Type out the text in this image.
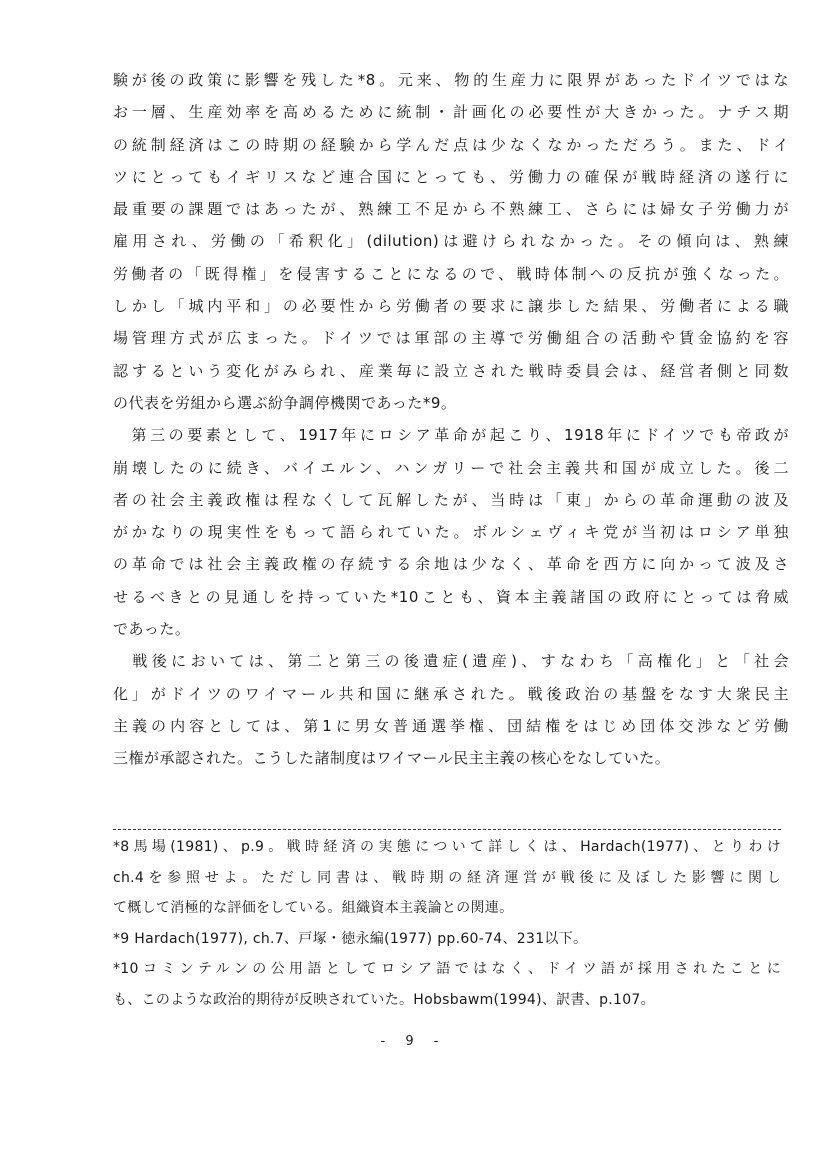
験が後の政策に影響を残した*8。元来、物的生産力に限界があったドイツではな
お一層、生産効率を高めるために統制・計画化の必要性が大きかった。ナチス期
の統制経済はこの時期の経験から学んだ点は少なくなかっただろう。また、ドイ
ツにとってもイギリスなど連合国にとっても、労働力の確保が戦時経済の遂行に
最重要の課題ではあったが、熟練工不足から不熟練工、さらには婦女子労働力が
雇用され、労働の「希釈化」(dilution)は避けられなかった。その傾向は、熟練
労働者の「既得権」を侵害することになるので、戦時体制への反抗が強くなった。
しかし「城内平和」の必要性から労働者の要求に譲歩した結果、労働者による職
場管理方式が広まった。ドイツでは軍部の主導で労働組合の活動や賃金協約を容
認するという変化がみられ、産業毎に設立された戦時委員会は、経営者側と同数
の代表を労組から選ぶ紛争調停機関であった*9。
　第三の要素として、1917年にロシア革命が起こり、1918年にドイツでも帝政が
崩壊したのに続き、バイエルン、ハンガリーで社会主義共和国が成立した。後二
者の社会主義政権は程なくして瓦解したが、当時は「東」からの革命運動の波及
がかなりの現実性をもって語られていた。ボルシェヴィキ党が当初はロシア単独
の革命では社会主義政権の存続する余地は少なく、革命を西方に向かって波及さ
せるべきとの見通しを持っていた*10ことも、資本主義諸国の政府にとっては脅威
であった。
　戦後においては、第二と第三の後遺症(遺産)、すなわち「高権化」と「社会
化」がドイツのワイマール共和国に継承された。戦後政治の基盤をなす大衆民主
主義の内容としては、第1に男女普通選挙権、団結権をはじめ団体交渉など労働
三権が承認された。こうした諸制度はワイマール民主主義の核心をなしていた。
*8馬場(1981)、p.9。戦時経済の実態について詳しくは、Hardach(1977)、とりわけ
ch.4を参照せよ。ただし同書は、戦時期の経済運営が戦後に及ぼした影響に関し
て概して消極的な評価をしている。組織資本主義論との関連。
*9 Hardach(1977), ch.7、戸塚・徳永編(1977) pp.60-74、231以下。
*10コミンテルンの公用語としてロシア語ではなく、ドイツ語が採用されたことに
も、このような政治的期待が反映されていた。Hobsbawm(1994)、訳書、p.107。
- 9 -
